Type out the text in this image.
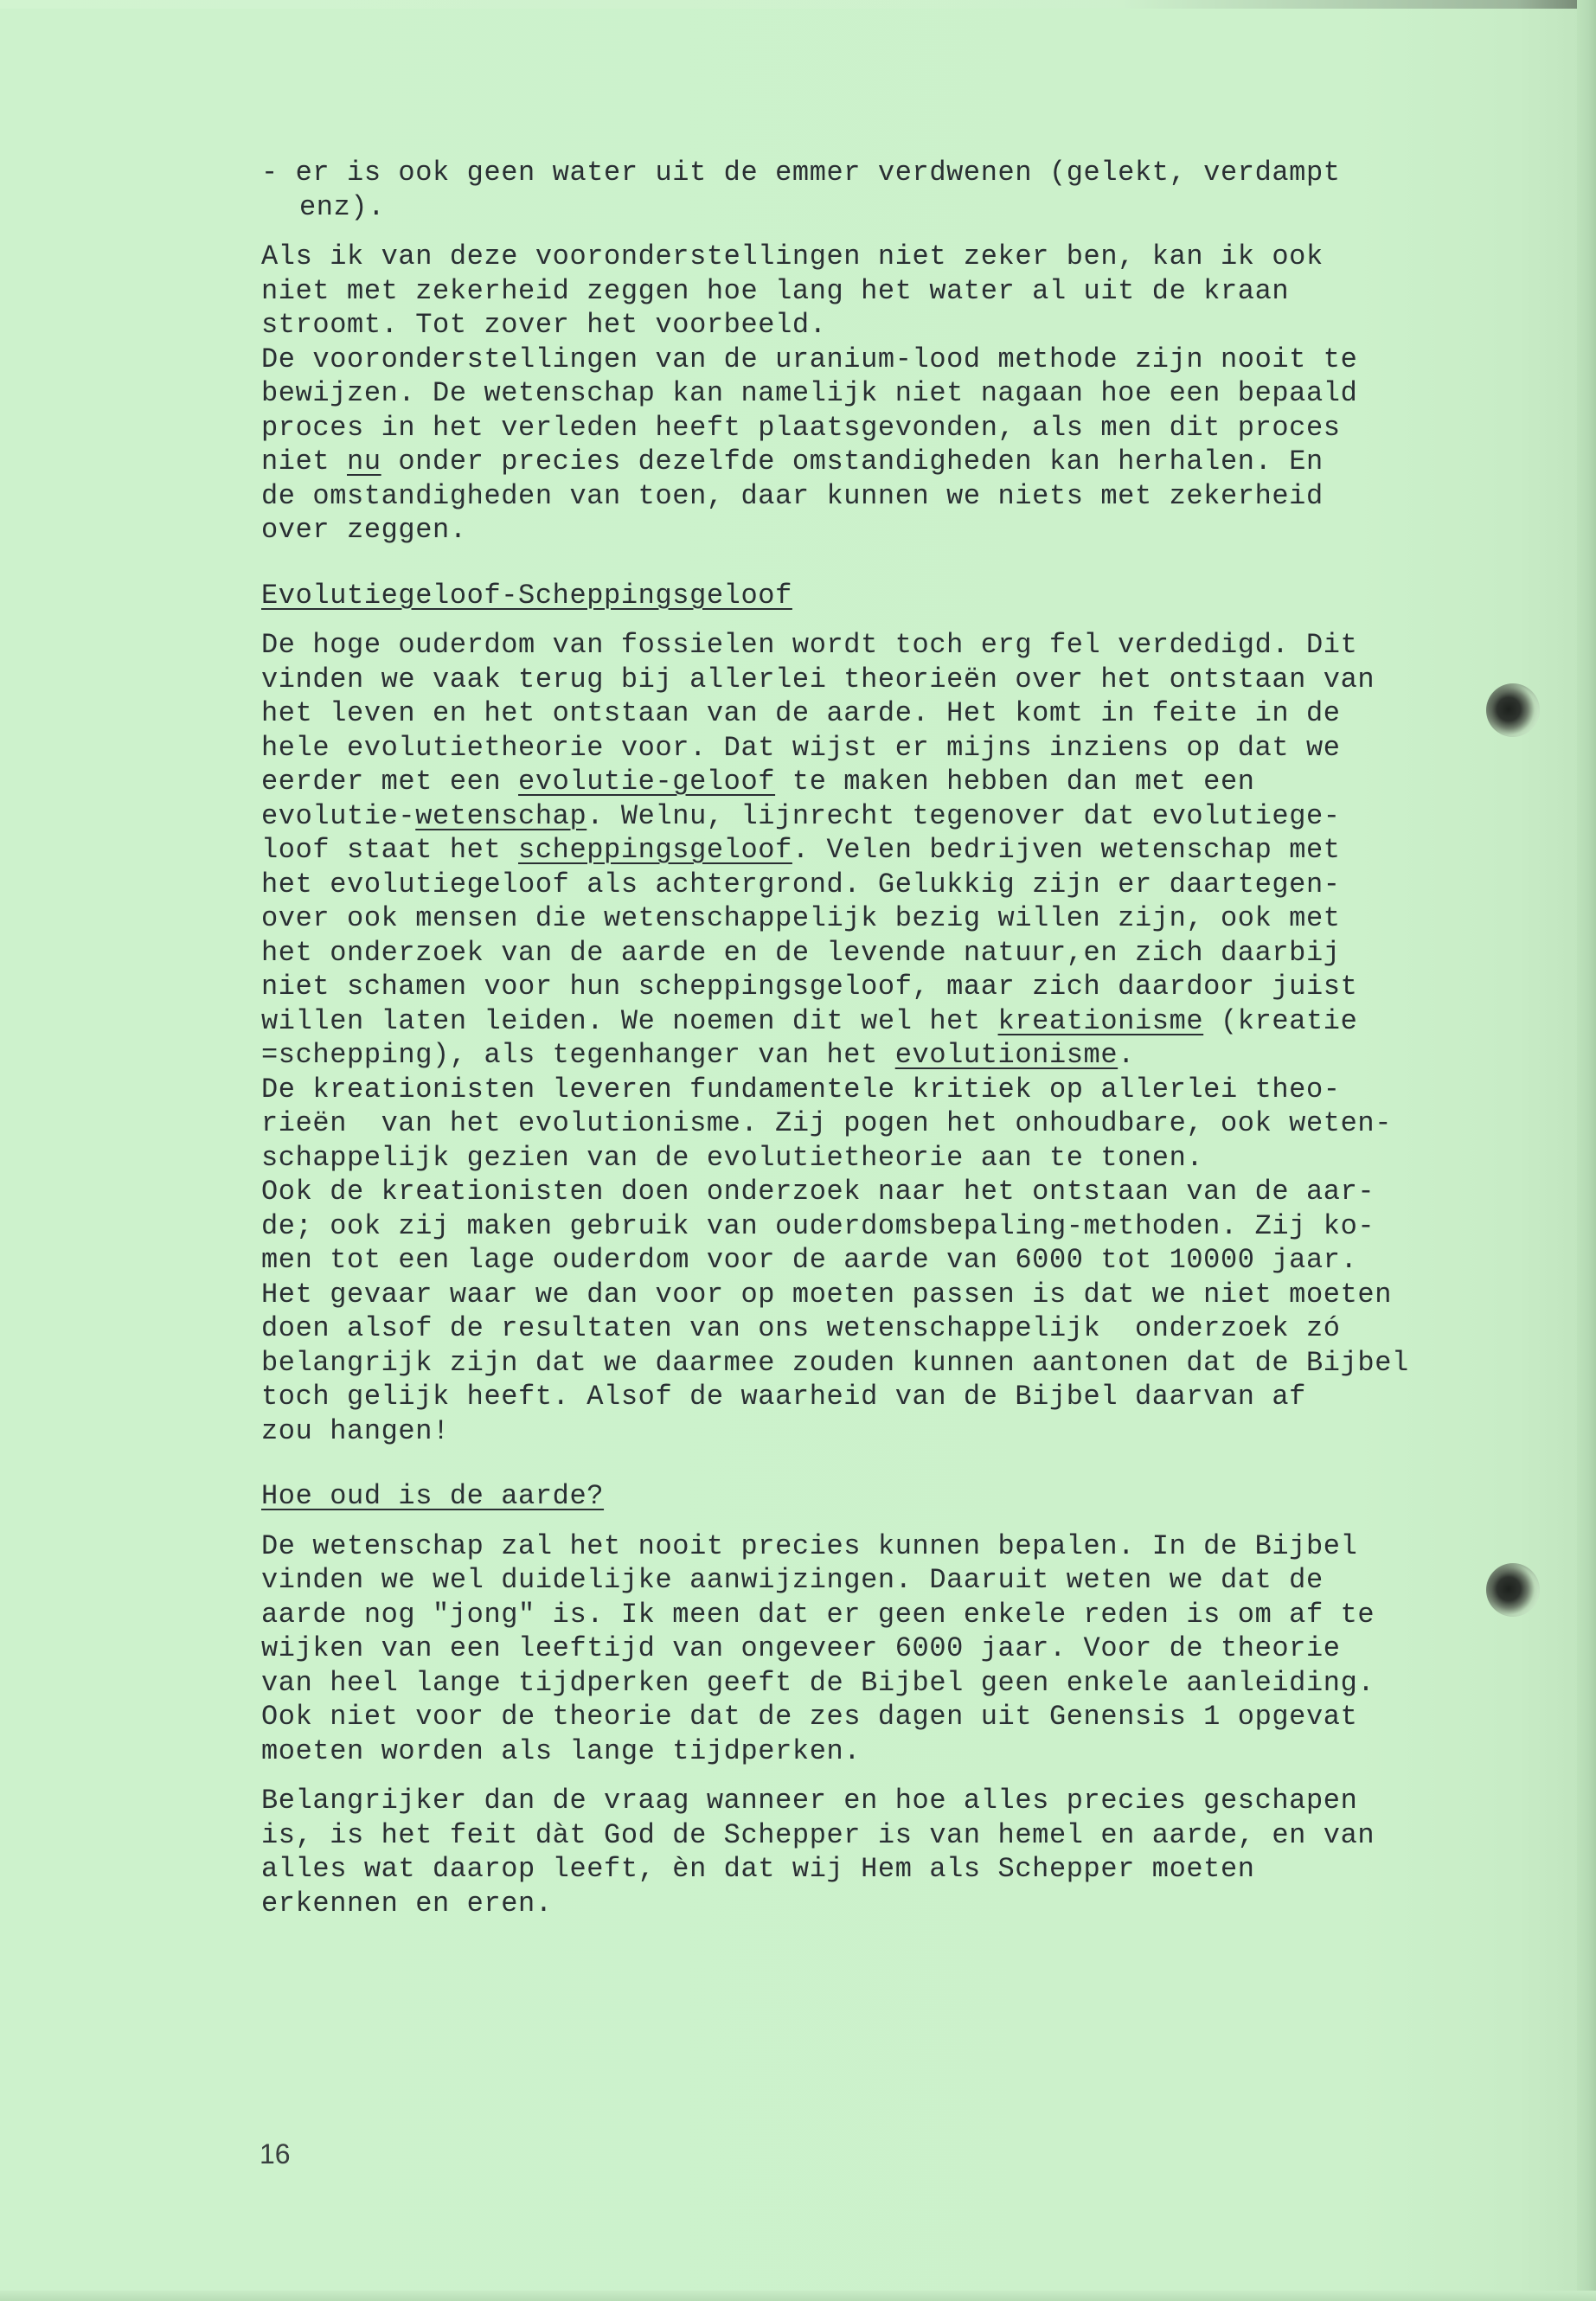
- er is ook geen water uit de emmer verdwenen (gelekt, verdampt
enz).

Als ik van deze vooronderstellingen niet zeker ben, kan ik ook
niet met zekerheid zeggen hoe lang het water al uit de kraan
stroomt. Tot zover het voorbeeld.
De vooronderstellingen van de uranium-lood methode zijn nooit te
bewijzen. De wetenschap kan namelijk niet nagaan hoe een bepaald
proces in het verleden heeft plaatsgevonden, als men dit proces
niet nu onder precies dezelfde omstandigheden kan herhalen. En
de omstandigheden van toen, daar kunnen we niets met zekerheid
over zeggen.

Evolutiegeloof-Scheppingsgeloof

De hoge ouderdom van fossielen wordt toch erg fel verdedigd. Dit
vinden we vaak terug bij allerlei theorieën over het ontstaan van
het leven en het ontstaan van de aarde. Het komt in feite in de
hele evolutietheorie voor. Dat wijst er mijns inziens op dat we
eerder met een evolutie-geloof te maken hebben dan met een
evolutie-wetenschap. Welnu, lijnrecht tegenover dat evolutiege-
loof staat het scheppingsgeloof. Velen bedrijven wetenschap met
het evolutiegeloof als achtergrond. Gelukkig zijn er daartegen-
over ook mensen die wetenschappelijk bezig willen zijn, ook met
het onderzoek van de aarde en de levende natuur,en zich daarbij
niet schamen voor hun scheppingsgeloof, maar zich daardoor juist
willen laten leiden. We noemen dit wel het kreationisme (kreatie
=schepping), als tegenhanger van het evolutionisme.
De kreationisten leveren fundamentele kritiek op allerlei theo-
rieën  van het evolutionisme. Zij pogen het onhoudbare, ook weten-
schappelijk gezien van de evolutietheorie aan te tonen.
Ook de kreationisten doen onderzoek naar het ontstaan van de aar-
de; ook zij maken gebruik van ouderdomsbepaling-methoden. Zij ko-
men tot een lage ouderdom voor de aarde van 6000 tot 10000 jaar.
Het gevaar waar we dan voor op moeten passen is dat we niet moeten
doen alsof de resultaten van ons wetenschappelijk  onderzoek zó
belangrijk zijn dat we daarmee zouden kunnen aantonen dat de Bijbel
toch gelijk heeft. Alsof de waarheid van de Bijbel daarvan af
zou hangen!

Hoe oud is de aarde?

De wetenschap zal het nooit precies kunnen bepalen. In de Bijbel
vinden we wel duidelijke aanwijzingen. Daaruit weten we dat de
aarde nog "jong" is. Ik meen dat er geen enkele reden is om af te
wijken van een leeftijd van ongeveer 6000 jaar. Voor de theorie
van heel lange tijdperken geeft de Bijbel geen enkele aanleiding.
Ook niet voor de theorie dat de zes dagen uit Genensis 1 opgevat
moeten worden als lange tijdperken.

Belangrijker dan de vraag wanneer en hoe alles precies geschapen
is, is het feit dàt God de Schepper is van hemel en aarde, en van
alles wat daarop leeft, èn dat wij Hem als Schepper moeten
erkennen en eren.

16
